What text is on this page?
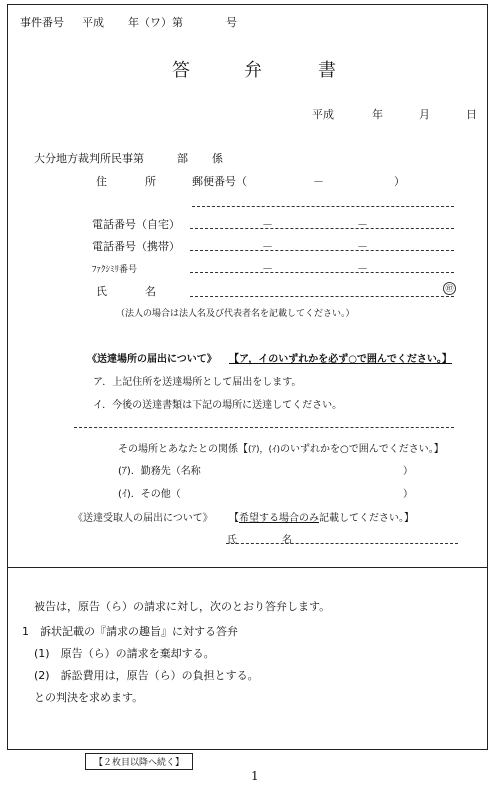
事件番号 平成 年（ワ）第	号
答	弁	書
平成	年	月	日
大分地方裁判所民事第	部 係
住	所	郵便番号（	－	）
電話番号（自宅）	－	－
電話番号（携帯）	－	－
ﾌｧｸｼﾐﾘ番号	－	－
氏	名	㊞
（法人の場合は法人名及び代表者名を記載してください。）
《送達場所の届出について》 【ア，イのいずれかを必ず○で囲んでください。】
ア．上記住所を送達場所として届出をします。
イ．今後の送達書類は下記の場所に送達してください。
その場所とあなたとの関係【(ｱ)，(ｲ)のいずれかを○で囲んでください。】
(ｱ)．勤務先（名称	）
(ｲ)．その他（	）
《送達受取人の届出について》 【希望する場合のみ記載してください。】
氏	名
被告は，原告（ら）の請求に対し，次のとおり答弁します。
1　訴状記載の『請求の趣旨』に対する答弁
(1)　原告（ら）の請求を棄却する。
(2)　訴訟費用は，原告（ら）の負担とする。
との判決を求めます。
【２枚目以降へ続く】
1
